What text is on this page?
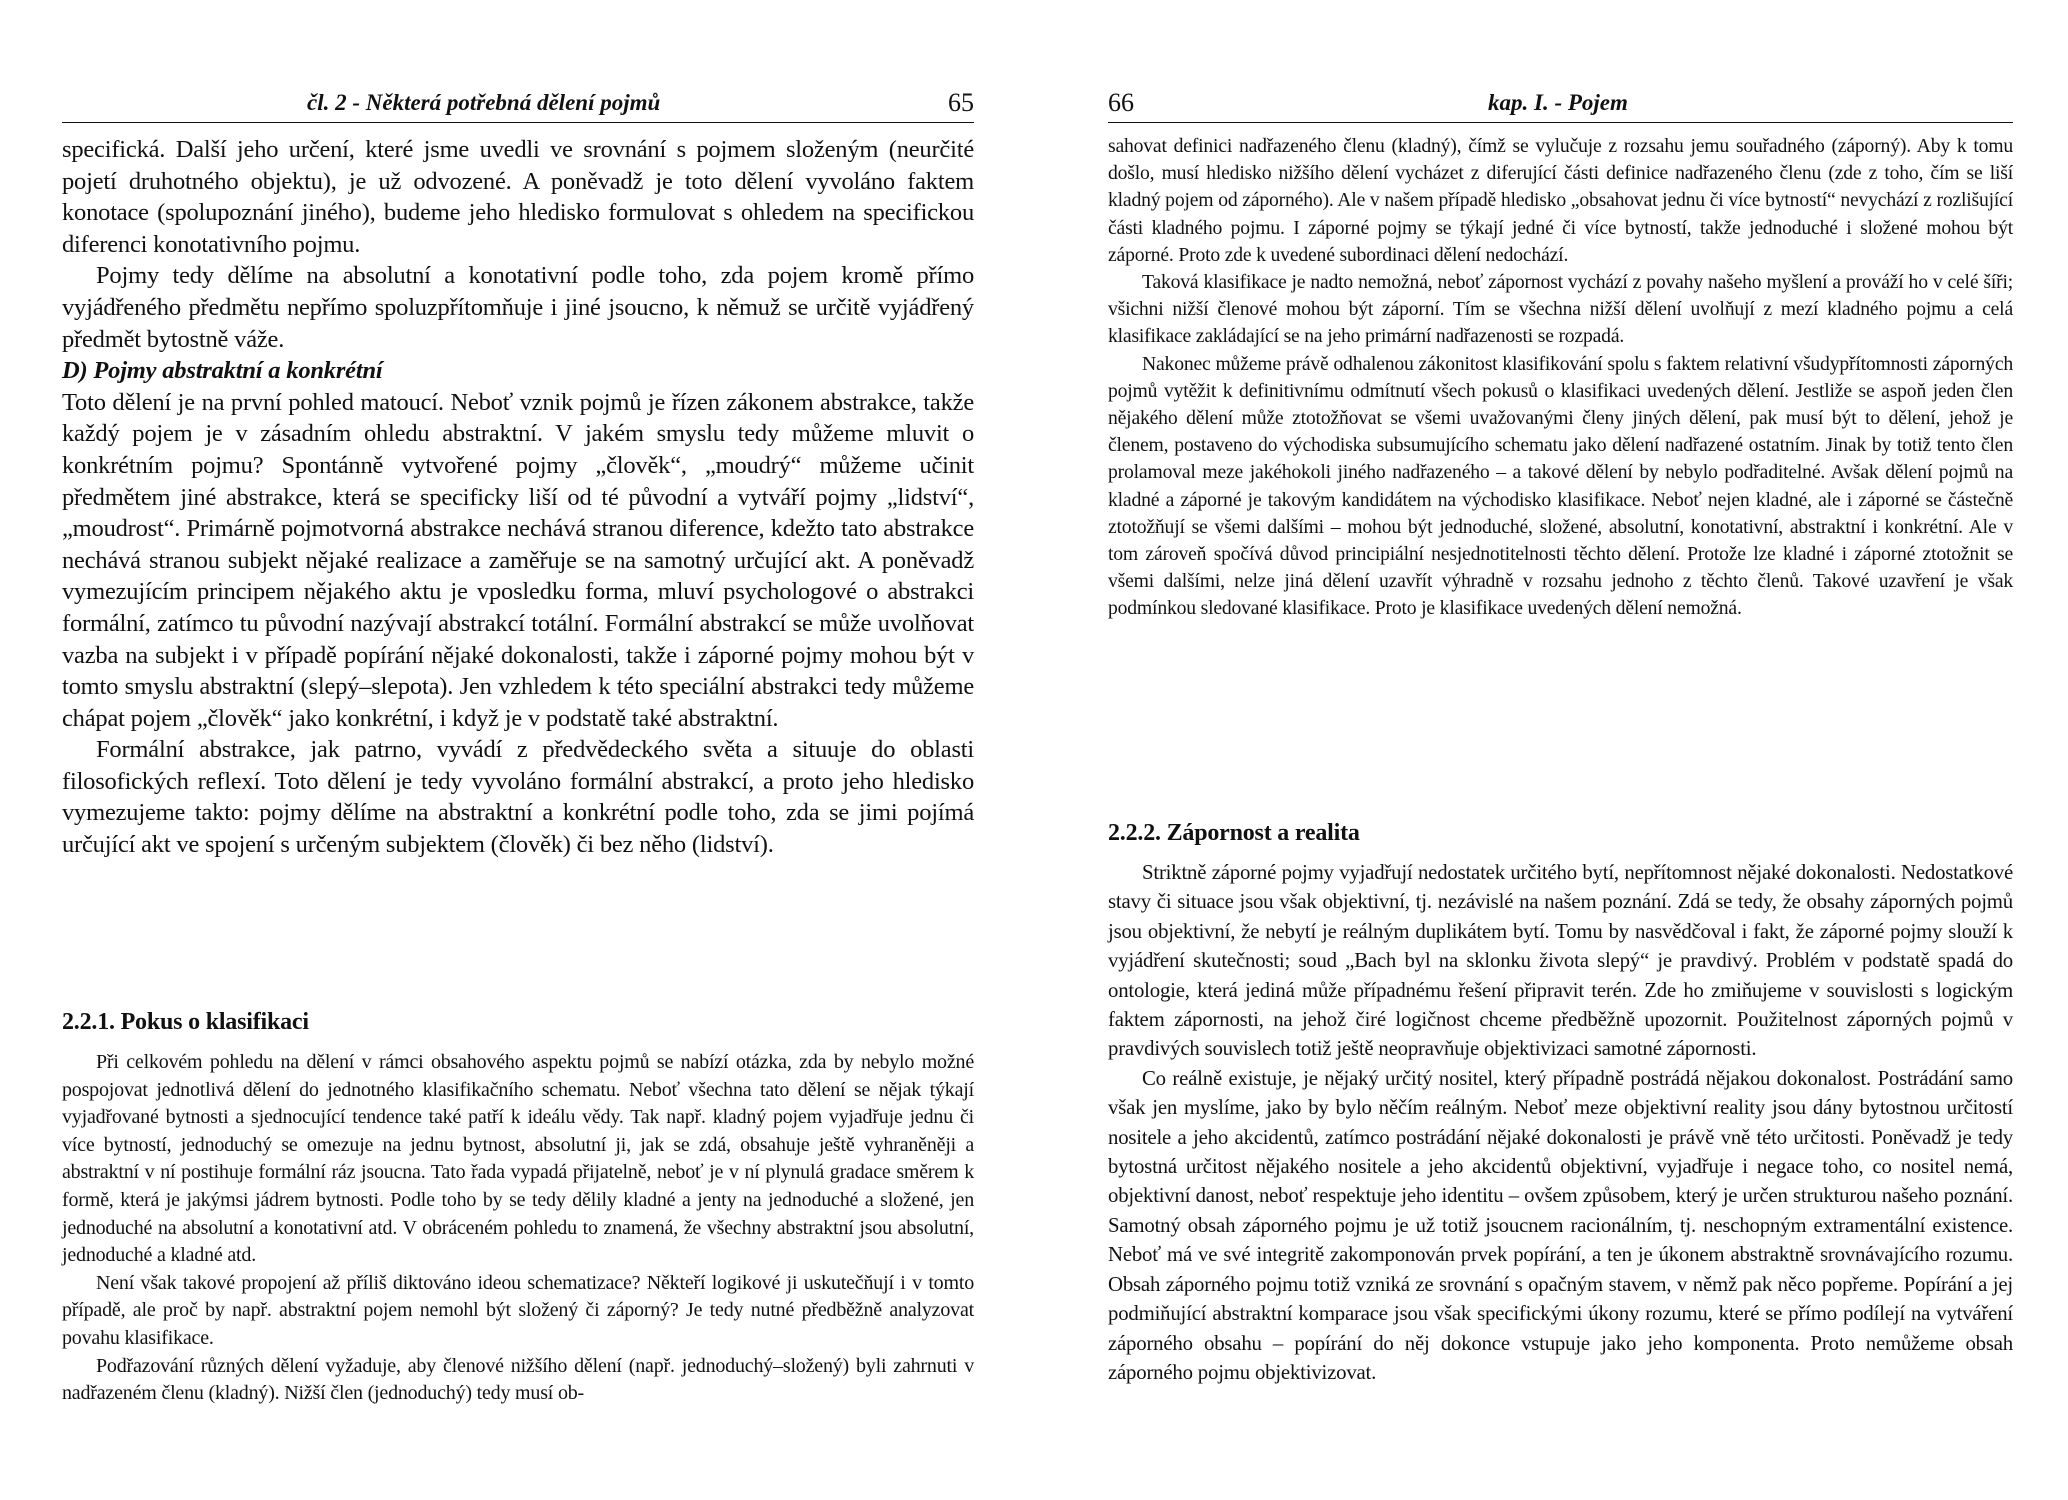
čl. 2 - Některá potřebná dělení pojmů	65

specifická. Další jeho určení, které jsme uvedli ve srovnání s pojmem složeným (neurčité pojetí druhotného objektu), je už odvozené. A poněvadž je toto dělení vyvoláno faktem konotace (spolupoznání jiného), budeme jeho hledisko formulovat s ohledem na specifickou diferenci konotativního pojmu.

Pojmy tedy dělíme na absolutní a konotativní podle toho, zda pojem kromě přímo vyjádřeného předmětu nepřímo spoluzpřítomňuje i jiné jsoucno, k němuž se určitě vyjádřený předmět bytostně váže.

D) Pojmy abstraktní a konkrétní

Toto dělení je na první pohled matoucí. Neboť vznik pojmů je řízen zákonem abstrakce, takže každý pojem je v zásadním ohledu abstraktní. V jakém smyslu tedy můžeme mluvit o konkrétním pojmu? Spontánně vytvořené pojmy „člověk“, „moudrý“ můžeme učinit předmětem jiné abstrakce, která se specificky liší od té původní a vytváří pojmy „lidství“, „moudrost“. Primárně pojmotvorná abstrakce nechává stranou diference, kdežto tato abstrakce nechává stranou subjekt nějaké realizace a zaměřuje se na samotný určující akt. A poněvadž vymezujícím principem nějakého aktu je vposledku forma, mluví psychologové o abstrakci formální, zatímco tu původní nazývají abstrakcí totální. Formální abstrakcí se může uvolňovat vazba na subjekt i v případě popírání nějaké dokonalosti, takže i záporné pojmy mohou být v tomto smyslu abstraktní (slepý–slepota). Jen vzhledem k této speciální abstrakci tedy můžeme chápat pojem „člověk“ jako konkrétní, i když je v podstatě také abstraktní.

Formální abstrakce, jak patrno, vyvádí z předvědeckého světa a situuje do oblasti filosofických reflexí. Toto dělení je tedy vyvoláno formální abstrakcí, a proto jeho hledisko vymezujeme takto: pojmy dělíme na abstraktní a konkrétní podle toho, zda se jimi pojímá určující akt ve spojení s určeným subjektem (člověk) či bez něho (lidství).

2.2.1. Pokus o klasifikaci

Při celkovém pohledu na dělení v rámci obsahového aspektu pojmů se nabízí otázka, zda by nebylo možné pospojovat jednotlivá dělení do jednotného klasifikačního schematu. Neboť všechna tato dělení se nějak týkají vyjadřované bytnosti a sjednocující tendence také patří k ideálu vědy. Tak např. kladný pojem vyjadřuje jednu či více bytností, jednoduchý se omezuje na jednu bytnost, absolutní ji, jak se zdá, obsahuje ještě vyhraněněji a abstraktní v ní postihuje formální ráz jsoucna. Tato řada vypadá přijatelně, neboť je v ní plynulá gradace směrem k formě, která je jakýmsi jádrem bytnosti. Podle toho by se tedy dělily kladné a jenty na jednoduché a složené, jen jednoduché na absolutní a konotativní atd. V obráceném pohledu to znamená, že všechny abstraktní jsou absolutní, jednoduché a kladné atd.

Není však takové propojení až příliš diktováno ideou schematizace? Někteří logikové ji uskutečňují i v tomto případě, ale proč by např. abstraktní pojem nemohl být složený či záporný? Je tedy nutné předběžně analyzovat povahu klasifikace.

Podřazování různých dělení vyžaduje, aby členové nižšího dělení (např. jednoduchý–složený) byli zahrnuti v nadřazeném členu (kladný). Nižší člen (jednoduchý) tedy musí ob-

66	kap. I. - Pojem

sahovat definici nadřazeného členu (kladný), čímž se vylučuje z rozsahu jemu souřadného (záporný). Aby k tomu došlo, musí hledisko nižšího dělení vycházet z diferující části definice nadřazeného členu (zde z toho, čím se liší kladný pojem od záporného). Ale v našem případě hledisko „obsahovat jednu či více bytností“ nevychází z rozlišující části kladného pojmu. I záporné pojmy se týkají jedné či více bytností, takže jednoduché i složené mohou být záporné. Proto zde k uvedené subordinaci dělení nedochází.

Taková klasifikace je nadto nemožná, neboť zápornost vychází z povahy našeho myšlení a prováží ho v celé šíři; všichni nižší členové mohou být záporní. Tím se všechna nižší dělení uvolňují z mezí kladného pojmu a celá klasifikace zakládající se na jeho primární nadřazenosti se rozpadá.

Nakonec můžeme právě odhalenou zákonitost klasifikování spolu s faktem relativní všudypřítomnosti záporných pojmů vytěžit k definitivnímu odmítnutí všech pokusů o klasifikaci uvedených dělení. Jestliže se aspoň jeden člen nějakého dělení může ztotožňovat se všemi uvažovanými členy jiných dělení, pak musí být to dělení, jehož je členem, postaveno do východiska subsumujícího schematu jako dělení nadřazené ostatním. Jinak by totiž tento člen prolamoval meze jakéhokoli jiného nadřazeného – a takové dělení by nebylo podřaditelné. Avšak dělení pojmů na kladné a záporné je takovým kandidátem na východisko klasifikace. Neboť nejen kladné, ale i záporné se částečně ztotožňují se všemi dalšími – mohou být jednoduché, složené, absolutní, konotativní, abstraktní i konkrétní. Ale v tom zároveň spočívá důvod principiální nesjednotitelnosti těchto dělení. Protože lze kladné i záporné ztotožnit se všemi dalšími, nelze jiná dělení uzavřít výhradně v rozsahu jednoho z těchto členů. Takové uzavření je však podmínkou sledované klasifikace. Proto je klasifikace uvedených dělení nemožná.

2.2.2. Zápornost a realita

Striktně záporné pojmy vyjadřují nedostatek určitého bytí, nepřítomnost nějaké dokonalosti. Nedostatkové stavy či situace jsou však objektivní, tj. nezávislé na našem poznání. Zdá se tedy, že obsahy záporných pojmů jsou objektivní, že nebytí je reálným duplikátem bytí. Tomu by nasvědčoval i fakt, že záporné pojmy slouží k vyjádření skutečnosti; soud „Bach byl na sklonku života slepý“ je pravdivý. Problém v podstatě spadá do ontologie, která jediná může případnému řešení připravit terén. Zde ho zmiňujeme v souvislosti s logickým faktem zápornosti, na jehož čiré logičnost chceme předběžně upozornit. Použitelnost záporných pojmů v pravdivých souvislech totiž ještě neopravňuje objektivizaci samotné zápornosti.

Co reálně existuje, je nějaký určitý nositel, který případně postrádá nějakou dokonalost. Postrádání samo však jen myslíme, jako by bylo něčím reálným. Neboť meze objektivní reality jsou dány bytostnou určitostí nositele a jeho akcidentů, zatímco postrádání nějaké dokonalosti je právě vně této určitosti. Poněvadž je tedy bytostná určitost nějakého nositele a jeho akcidentů objektivní, vyjadřuje i negace toho, co nositel nemá, objektivní danost, neboť respektuje jeho identitu – ovšem způsobem, který je určen strukturou našeho poznání. Samotný obsah záporného pojmu je už totiž jsoucnem racionálním, tj. neschopným extramentální existence. Neboť má ve své integritě zakomponován prvek popírání, a ten je úkonem abstraktně srovnávajícího rozumu. Obsah záporného pojmu totiž vzniká ze srovnání s opačným stavem, v němž pak něco popřeme. Popírání a jej podmiňující abstraktní komparace jsou však specifickými úkony rozumu, které se přímo podílejí na vytváření záporného obsahu – popírání do něj dokonce vstupuje jako jeho komponenta. Proto nemůžeme obsah záporného pojmu objektivizovat.
